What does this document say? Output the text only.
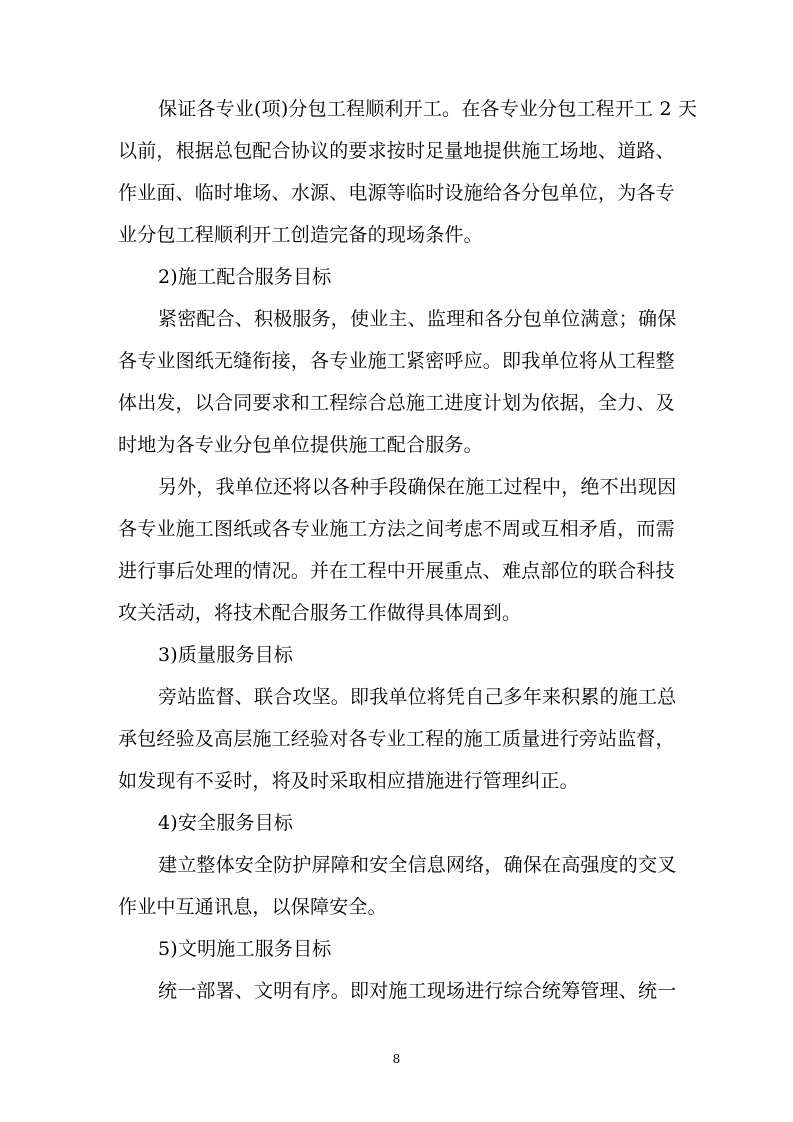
保证各专业(项)分包工程顺利开工。在各专业分包工程开工 2 天
以前，根据总包配合协议的要求按时足量地提供施工场地、道路、
作业面、临时堆场、水源、电源等临时设施给各分包单位，为各专
业分包工程顺利开工创造完备的现场条件。
2)施工配合服务目标
紧密配合、积极服务，使业主、监理和各分包单位满意；确保
各专业图纸无缝衔接，各专业施工紧密呼应。即我单位将从工程整
体出发，以合同要求和工程综合总施工进度计划为依据，全力、及
时地为各专业分包单位提供施工配合服务。
另外，我单位还将以各种手段确保在施工过程中，绝不出现因
各专业施工图纸或各专业施工方法之间考虑不周或互相矛盾，而需
进行事后处理的情况。并在工程中开展重点、难点部位的联合科技
攻关活动，将技术配合服务工作做得具体周到。
3)质量服务目标
旁站监督、联合攻坚。即我单位将凭自己多年来积累的施工总
承包经验及高层施工经验对各专业工程的施工质量进行旁站监督，
如发现有不妥时，将及时采取相应措施进行管理纠正。
4)安全服务目标
建立整体安全防护屏障和安全信息网络，确保在高强度的交叉
作业中互通讯息，以保障安全。
5)文明施工服务目标
统一部署、文明有序。即对施工现场进行综合统筹管理、统一
8
